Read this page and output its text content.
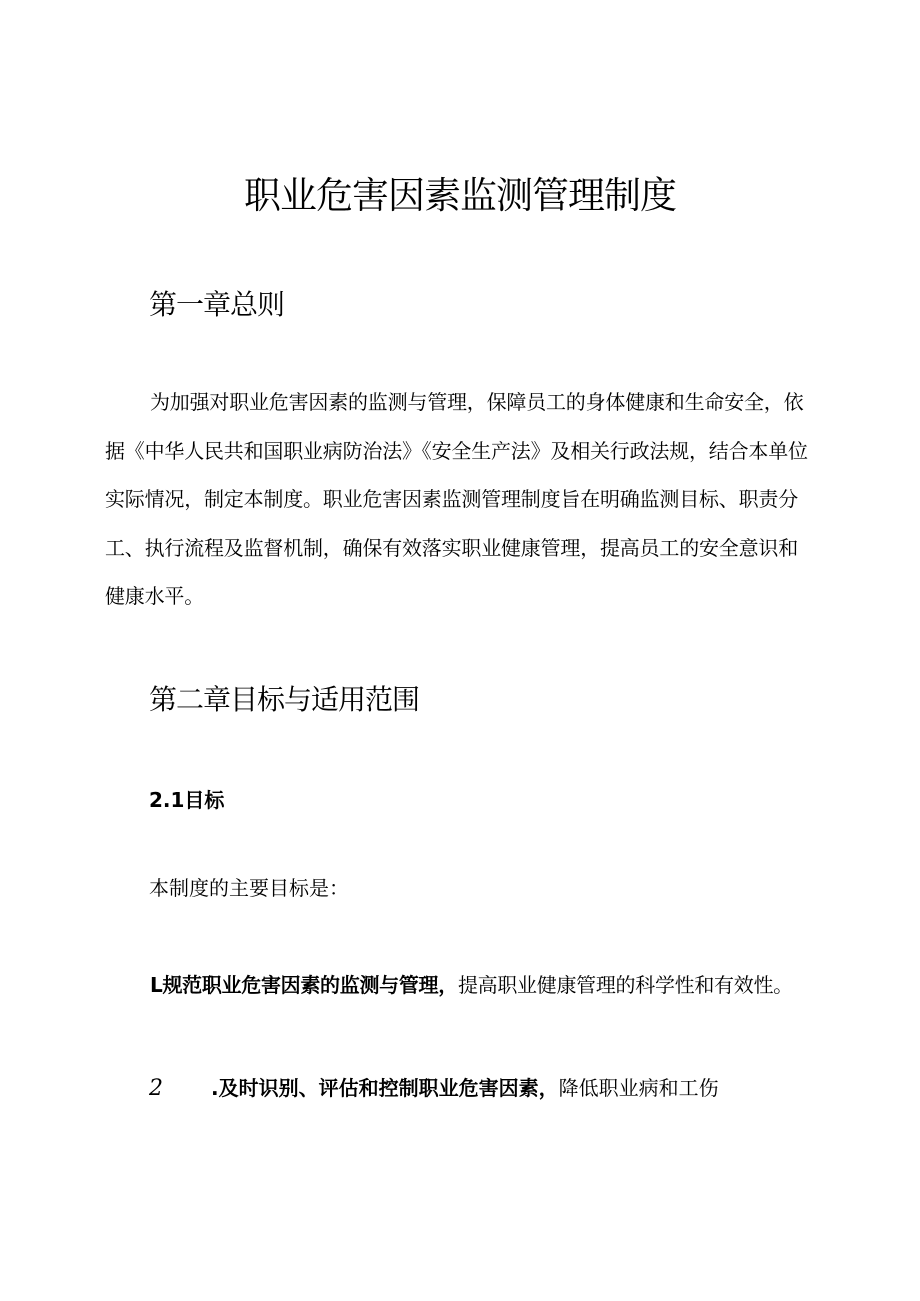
职业危害因素监测管理制度
第一章总则

为加强对职业危害因素的监测与管理，保障员工的身体健康和生命安全，依据《中华人民共和国职业病防治法》《安全生产法》及相关行政法规，结合本单位实际情况，制定本制度。职业危害因素监测管理制度旨在明确监测目标、职责分工、执行流程及监督机制，确保有效落实职业健康管理，提高员工的安全意识和健康水平。

第二章目标与适用范围
2.1目标
本制度的主要目标是：

L规范职业危害因素的监测与管理，提高职业健康管理的科学性和有效性。

2 .及时识别、评估和控制职业危害因素，降低职业病和工伤
